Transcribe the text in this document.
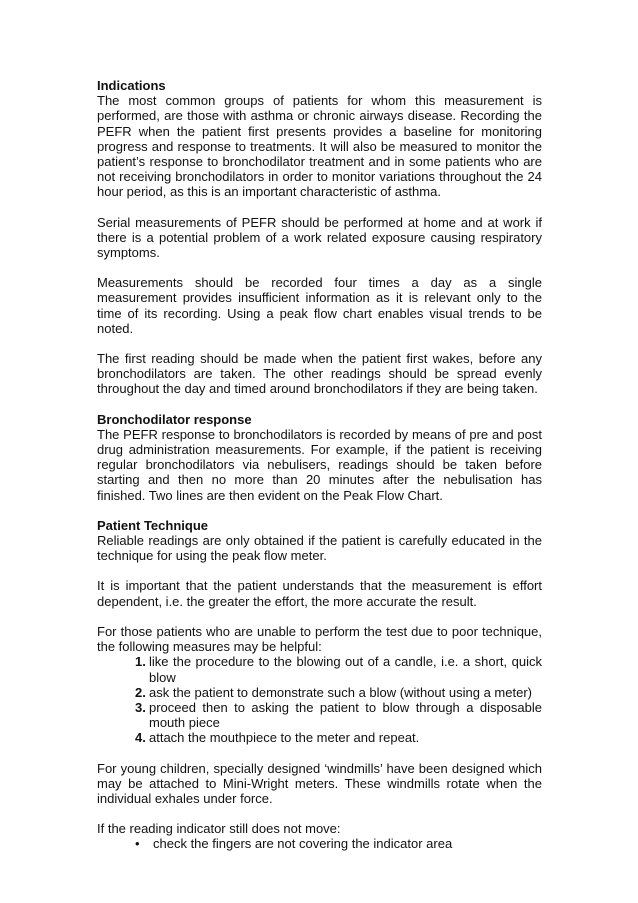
Indications

The most common groups of patients for whom this measurement is performed, are those with asthma or chronic airways disease. Recording the PEFR when the patient first presents provides a baseline for monitoring progress and response to treatments. It will also be measured to monitor the patient’s response to bronchodilator treatment and in some patients who are not receiving bronchodilators in order to monitor variations throughout the 24 hour period, as this is an important characteristic of asthma.

Serial measurements of PEFR should be performed at home and at work if there is a potential problem of a work related exposure causing respiratory symptoms.

Measurements should be recorded four times a day as a single measurement provides insufficient information as it is relevant only to the time of its recording. Using a peak flow chart enables visual trends to be noted.

The first reading should be made when the patient first wakes, before any bronchodilators are taken. The other readings should be spread evenly throughout the day and timed around bronchodilators if they are being taken.

Bronchodilator response

The PEFR response to bronchodilators is recorded by means of pre and post drug administration measurements. For example, if the patient is receiving regular bronchodilators via nebulisers, readings should be taken before starting and then no more than 20 minutes after the nebulisation has finished. Two lines are then evident on the Peak Flow Chart.

Patient Technique

Reliable readings are only obtained if the patient is carefully educated in the technique for using the peak flow meter.

It is important that the patient understands that the measurement is effort dependent, i.e. the greater the effort, the more accurate the result.

For those patients who are unable to perform the test due to poor technique, the following measures may be helpful:

1. like the procedure to the blowing out of a candle, i.e. a short, quick blow
2. ask the patient to demonstrate such a blow (without using a meter)
3. proceed then to asking the patient to blow through a disposable mouth piece
4. attach the mouthpiece to the meter and repeat.

For young children, specially designed ‘windmills’ have been designed which may be attached to Mini-Wright meters. These windmills rotate when the individual exhales under force.

If the reading indicator still does not move:

• check the fingers are not covering the indicator area
